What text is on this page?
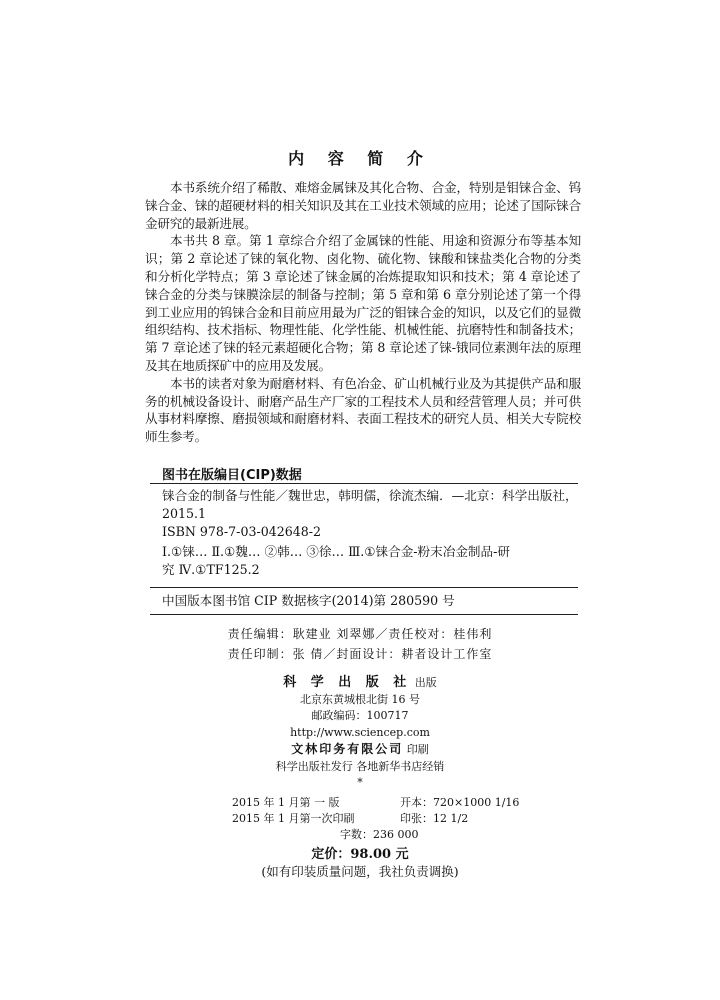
内 容 简 介

本书系统介绍了稀散、难熔金属铼及其化合物、合金，特别是钼铼合金、钨铼合金、铼的超硬材料的相关知识及其在工业技术领域的应用；论述了国际铼合金研究的最新进展。

本书共 8 章。第 1 章综合介绍了金属铼的性能、用途和资源分布等基本知识；第 2 章论述了铼的氧化物、卤化物、硫化物、铼酸和铼盐类化合物的分类和分析化学特点；第 3 章论述了铼金属的冶炼提取知识和技术；第 4 章论述了铼合金的分类与铼膜涂层的制备与控制；第 5 章和第 6 章分别论述了第一个得到工业应用的钨铼合金和目前应用最为广泛的钼铼合金的知识，以及它们的显微组织结构、技术指标、物理性能、化学性能、机械性能、抗磨特性和制备技术；第 7 章论述了铼的轻元素超硬化合物；第 8 章论述了铼-锇同位素测年法的原理及其在地质探矿中的应用及发展。

本书的读者对象为耐磨材料、有色冶金、矿山机械行业及为其提供产品和服务的机械设备设计、耐磨产品生产厂家的工程技术人员和经营管理人员；并可供从事材料摩擦、磨损领域和耐磨材料、表面工程技术的研究人员、相关大专院校师生参考。

图书在版编目(CIP)数据

铼合金的制备与性能／魏世忠，韩明儒，徐流杰编．—北京：科学出版社，

2015.1

ISBN 978-7-03-042648-2

Ⅰ.①铼… Ⅱ.①魏… ②韩… ③徐… Ⅲ.①铼合金-粉末冶金制品-研

究 Ⅳ.①TF125.2

中国版本图书馆 CIP 数据核字(2014)第 280590 号

责任编辑：耿建业 刘翠娜／责任校对：桂伟利
责任印制：张 倩／封面设计：耕者设计工作室
科 学 出 版 社 出版
北京东黄城根北街 16 号
邮政编码：100717
http://www.sciencep.com
文林印务有限公司 印刷
科学出版社发行 各地新华书店经销
*
2015 年 1 月第 一 版	开本：720×1000 1/16
2015 年 1 月第一次印刷	印张：12 1/2
字数：236 000
定价：98.00 元
(如有印装质量问题，我社负责调换)
